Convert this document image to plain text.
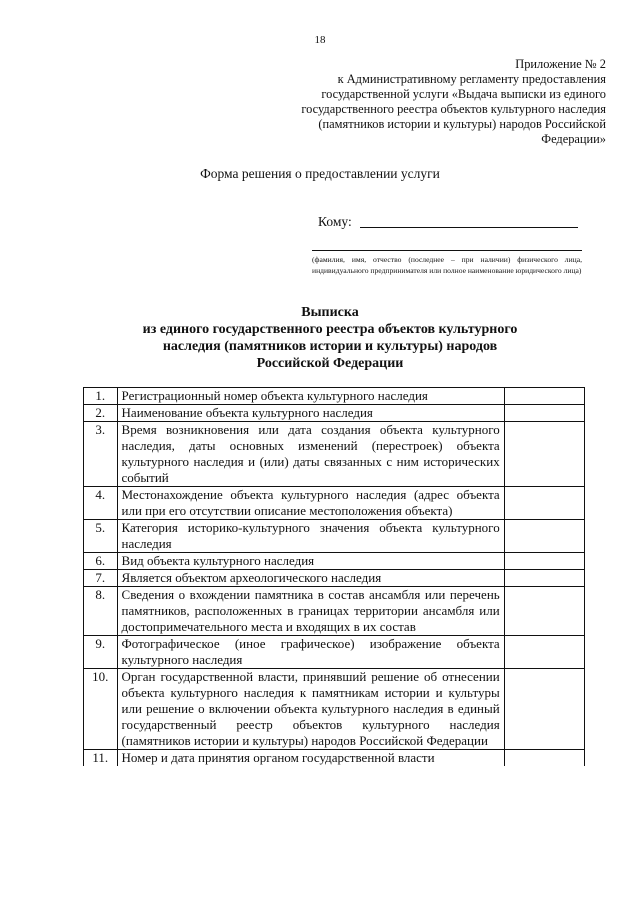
18
Приложение № 2
к Административному регламенту предоставления государственной услуги «Выдача выписки из единого государственного реестра объектов культурного наследия (памятников истории и культуры) народов Российской Федерации»
Форма решения о предоставлении услуги
Кому:
(фамилия, имя, отчество (последнее – при наличии) физического лица, индивидуального предпринимателя или полное наименование юридического лица)
Выписка
из единого государственного реестра объектов культурного
наследия (памятников истории и культуры) народов
Российской Федерации
1.	Регистрационный номер объекта культурного наследия	
2.	Наименование объекта культурного наследия	
3.	Время возникновения или дата создания объекта культурного наследия, даты основных изменений (перестроек) объекта культурного наследия и (или) даты связанных с ним исторических событий	
4.	Местонахождение объекта культурного наследия (адрес объекта или при его отсутствии описание местоположения объекта)	
5.	Категория историко-культурного значения объекта культурного наследия	
6.	Вид объекта культурного наследия	
7.	Является объектом археологического наследия	
8.	Сведения о вхождении памятника в состав ансамбля или перечень памятников, расположенных в границах территории ансамбля или достопримечательного места и входящих в их состав	
9.	Фотографическое (иное графическое) изображение объекта культурного наследия	
10.	Орган государственной власти, принявший решение об отнесении объекта культурного наследия к памятникам истории и культуры или решение о включении объекта культурного наследия в единый государственный реестр объектов культурного наследия (памятников истории и культуры) народов Российской Федерации	
11.	Номер и дата принятия органом государственной власти	
